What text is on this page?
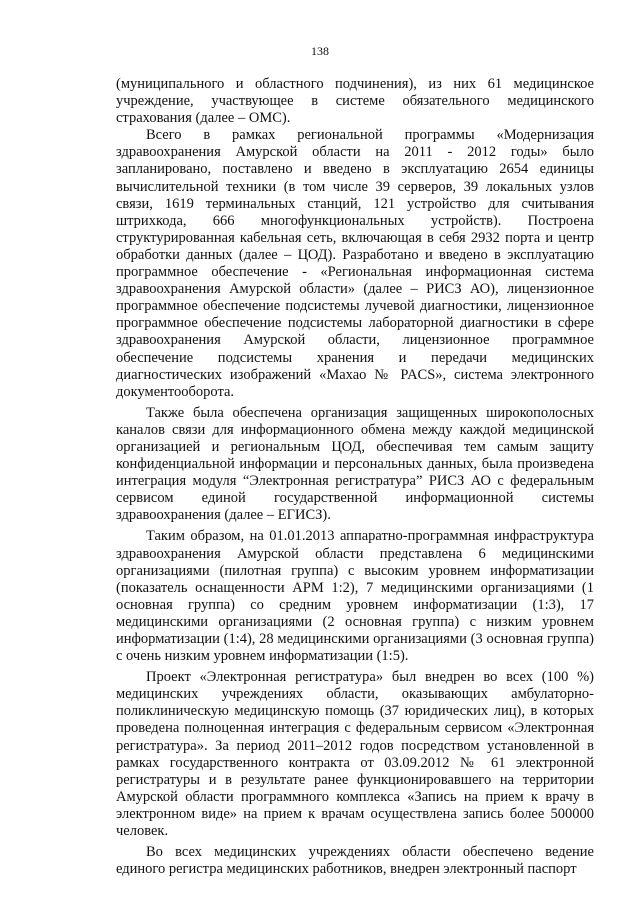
138

(муниципального и областного подчинения), из них 61 медицинское учреждение, участвующее в системе обязательного медицинского страхования (далее – ОМС).

Всего в рамках региональной программы «Модернизация здравоохранения Амурской области на 2011 - 2012 годы» было запланировано, поставлено и введено в эксплуатацию 2654 единицы вычислительной техники (в том числе 39 серверов, 39 локальных узлов связи, 1619 терминальных станций, 121 устройство для считывания штрихкода, 666 многофункциональных устройств). Построена структурированная кабельная сеть, включающая в себя 2932 порта и центр обработки данных (далее – ЦОД). Разработано и введено в эксплуатацию программное обеспечение - «Региональная информационная система здравоохранения Амурской области» (далее – РИСЗ АО), лицензионное программное обеспечение подсистемы лучевой диагностики, лицензионное программное обеспечение подсистемы лабораторной диагностики в сфере здравоохранения Амурской области, лицензионное программное обеспечение подсистемы хранения и передачи медицинских диагностических изображений «Махао № PACS», система электронного документооборота.

Также была обеспечена организация защищенных широкополосных каналов связи для информационного обмена между каждой медицинской организацией и региональным ЦОД, обеспечивая тем самым защиту конфиденциальной информации и персональных данных, была произведена интеграция модуля “Электронная регистратура” РИСЗ АО с федеральным сервисом единой государственной информационной системы здравоохранения (далее – ЕГИСЗ).

Таким образом, на 01.01.2013 аппаратно-программная инфраструктура здравоохранения Амурской области представлена 6 медицинскими организациями (пилотная группа) с высоким уровнем информатизации (показатель оснащенности АРМ 1:2), 7 медицинскими организациями (1 основная группа) со средним уровнем информатизации (1:3), 17 медицинскими организациями (2 основная группа) с низким уровнем информатизации (1:4), 28 медицинскими организациями (3 основная группа) с очень низким уровнем информатизации (1:5).

Проект «Электронная регистратура» был внедрен во всех (100 %) медицинских учреждениях области, оказывающих амбулаторно-поликлиническую медицинскую помощь (37 юридических лиц), в которых проведена полноценная интеграция с федеральным сервисом «Электронная регистратура». За период 2011–2012 годов посредством установленной в рамках государственного контракта от 03.09.2012 № 61 электронной регистратуры и в результате ранее функционировавшего на территории Амурской области программного комплекса «Запись на прием к врачу в электронном виде» на прием к врачам осуществлена запись более 500000 человек.

Во всех медицинских учреждениях области обеспечено ведение единого регистра медицинских работников, внедрен электронный паспорт
